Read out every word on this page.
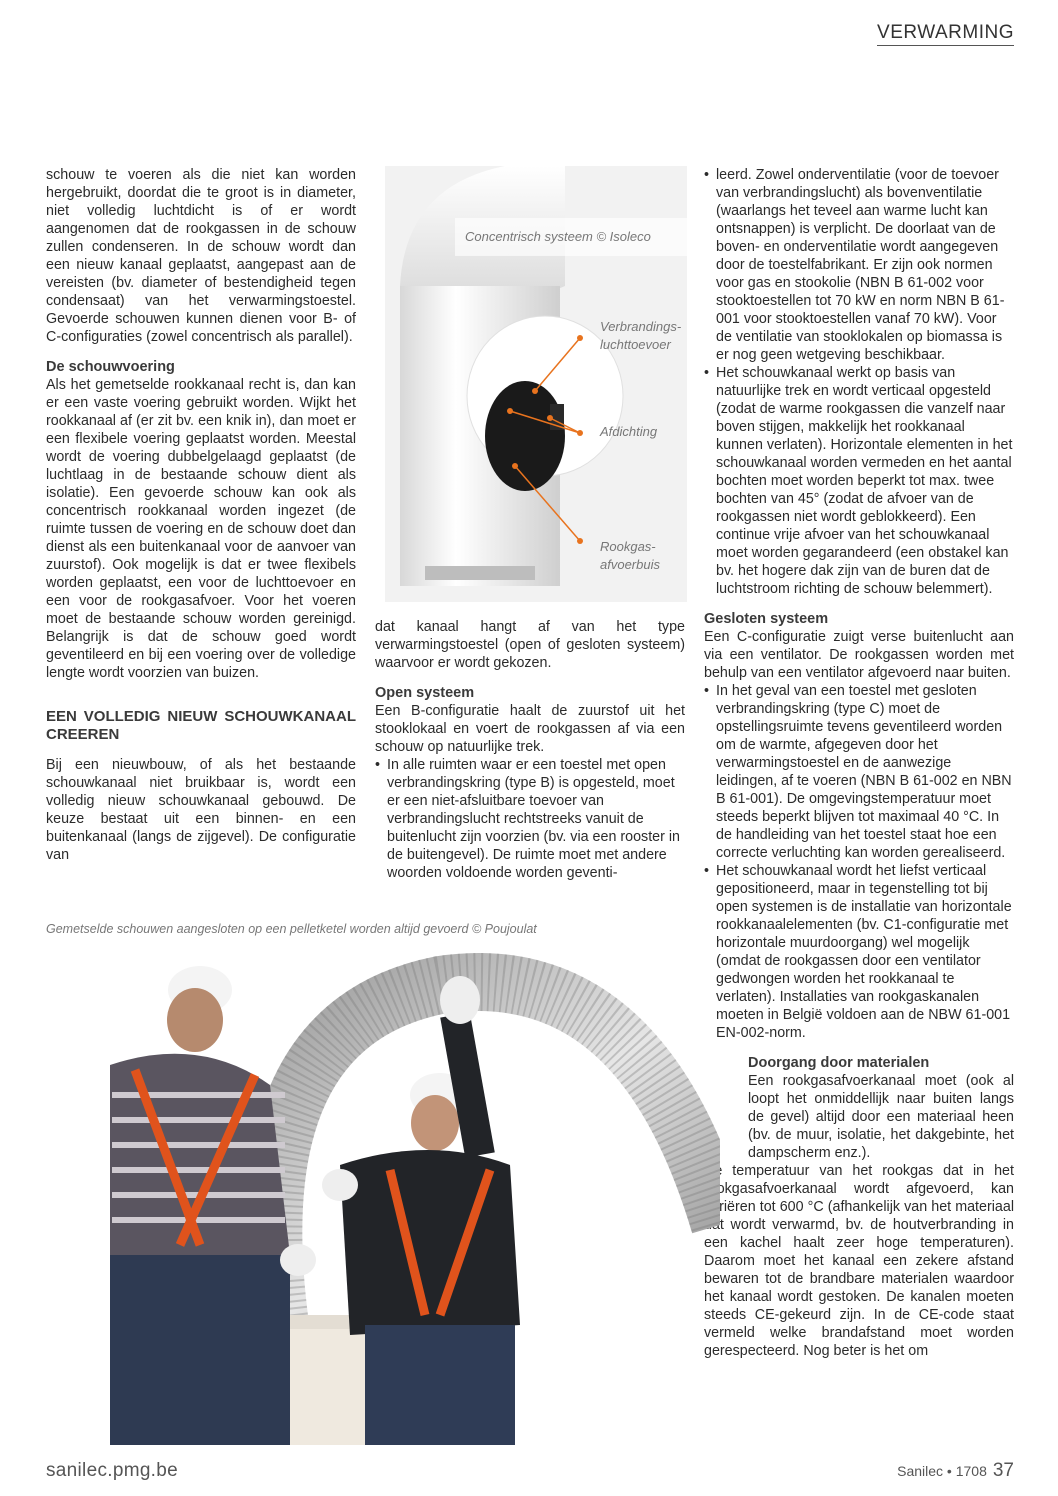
VERWARMING

schouw te voeren als die niet kan worden hergebruikt, doordat die te groot is in diameter, niet volledig luchtdicht is of er wordt aangenomen dat de rookgassen in de schouw zullen condenseren. In de schouw wordt dan een nieuw kanaal geplaatst, aangepast aan de vereisten (bv. diameter of bestendigheid tegen condensaat) van het verwarmingstoestel. Gevoerde schouwen kunnen dienen voor B- of C-configuraties (zowel concentrisch als parallel).

De schouwvoering

Als het gemetselde rookkanaal recht is, dan kan er een vaste voering gebruikt worden. Wijkt het rookkanaal af (er zit bv. een knik in), dan moet er een flexibele voering geplaatst worden. Meestal wordt de voering dubbelgelaagd geplaatst (de luchtlaag in de bestaande schouw dient als isolatie). Een gevoerde schouw kan ook als concentrisch rookkanaal worden ingezet (de ruimte tussen de voering en de schouw doet dan dienst als een buitenkanaal voor de aanvoer van zuurstof). Ook mogelijk is dat er twee flexibels worden geplaatst, een voor de luchttoevoer en een voor de rookgasafvoer. Voor het voeren moet de bestaande schouw worden gereinigd. Belangrijk is dat de schouw goed wordt geventileerd en bij een voering over de volledige lengte wordt voorzien van buizen.

EEN VOLLEDIG NIEUW SCHOUWKANAAL CREEREN

Bij een nieuwbouw, of als het bestaande schouwkanaal niet bruikbaar is, wordt een volledig nieuw schouwkanaal gebouwd. De keuze bestaat uit een binnen- en een buitenkanaal (langs de zijgevel). De configuratie van

Concentrisch systeem © Isoleco
Verbrandings-
luchttoevoer
Afdichting
Rookgas-
afvoerbuis

dat kanaal hangt af van het type verwarmingstoestel (open of gesloten systeem) waarvoor er wordt gekozen.

Open systeem

Een B-configuratie haalt de zuurstof uit het stooklokaal en voert de rookgassen af via een schouw op natuurlijke trek.

• In alle ruimten waar er een toestel met open verbrandingskring (type B) is opgesteld, moet er een niet-afsluitbare toevoer van verbrandingslucht rechtstreeks vanuit de buitenlucht zijn voorzien (bv. via een rooster in de buitengevel). De ruimte moet met andere woorden voldoende worden geventi-

• leerd. Zowel onderventilatie (voor de toevoer van verbrandingslucht) als bovenventilatie (waarlangs het teveel aan warme lucht kan ontsnappen) is verplicht. De doorlaat van de boven- en onderventilatie wordt aangegeven door de toestelfabrikant. Er zijn ook normen voor gas en stookolie (NBN B 61-002 voor stooktoestellen tot 70 kW en norm NBN B 61-001 voor stooktoestellen vanaf 70 kW). Voor de ventilatie van stooklokalen op biomassa is er nog geen wetgeving beschikbaar.

• Het schouwkanaal werkt op basis van natuurlijke trek en wordt verticaal opgesteld (zodat de warme rookgassen die vanzelf naar boven stijgen, makkelijk het rookkanaal kunnen verlaten). Horizontale elementen in het schouwkanaal worden vermeden en het aantal bochten moet worden beperkt tot max. twee bochten van 45° (zodat de afvoer van de rookgassen niet wordt geblokkeerd). Een continue vrije afvoer van het schouwkanaal moet worden gegarandeerd (een obstakel kan bv. het hogere dak zijn van de buren dat de luchtstroom richting de schouw belemmert).

Gesloten systeem

Een C-configuratie zuigt verse buitenlucht aan via een ventilator. De rookgassen worden met behulp van een ventilator afgevoerd naar buiten.

• In het geval van een toestel met gesloten verbrandingskring (type C) moet de opstellingsruimte tevens geventileerd worden om de warmte, afgegeven door het verwarmingstoestel en de aanwezige leidingen, af te voeren (NBN B 61-002 en NBN B 61-001). De omgevingstemperatuur moet steeds beperkt blijven tot maximaal 40 °C. In de handleiding van het toestel staat hoe een correcte verluchting kan worden gerealiseerd.

• Het schouwkanaal wordt het liefst verticaal gepositioneerd, maar in tegenstelling tot bij open systemen is de installatie van horizontale rookkanaalelementen (bv. C1-configuratie met horizontale muurdoorgang) wel mogelijk (omdat de rookgassen door een ventilator gedwongen worden het rookkanaal te verlaten). Installaties van rookgaskanalen moeten in België voldoen aan de NBW 61-001 EN-002-norm.

Doorgang door materialen

Een rookgasafvoerkanaal moet (ook al loopt het onmiddellijk naar buiten langs de gevel) altijd door een materiaal heen (bv. de muur, isolatie, het dakgebinte, het dampscherm enz.).

De temperatuur van het rookgas dat in het rookgasafvoerkanaal wordt afgevoerd, kan variëren tot 600 °C (afhankelijk van het materiaal dat wordt verwarmd, bv. de houtverbranding in een kachel haalt zeer hoge temperaturen). Daarom moet het kanaal een zekere afstand bewaren tot de brandbare materialen waardoor het kanaal wordt gestoken. De kanalen moeten steeds CE-gekeurd zijn. In de CE-code staat vermeld welke brandafstand moet worden gerespecteerd. Nog beter is het om

Gemetselde schouwen aangesloten op een pelletketel worden altijd gevoerd © Poujoulat
sanilec.pmg.be	Sanilec • 1708 37
